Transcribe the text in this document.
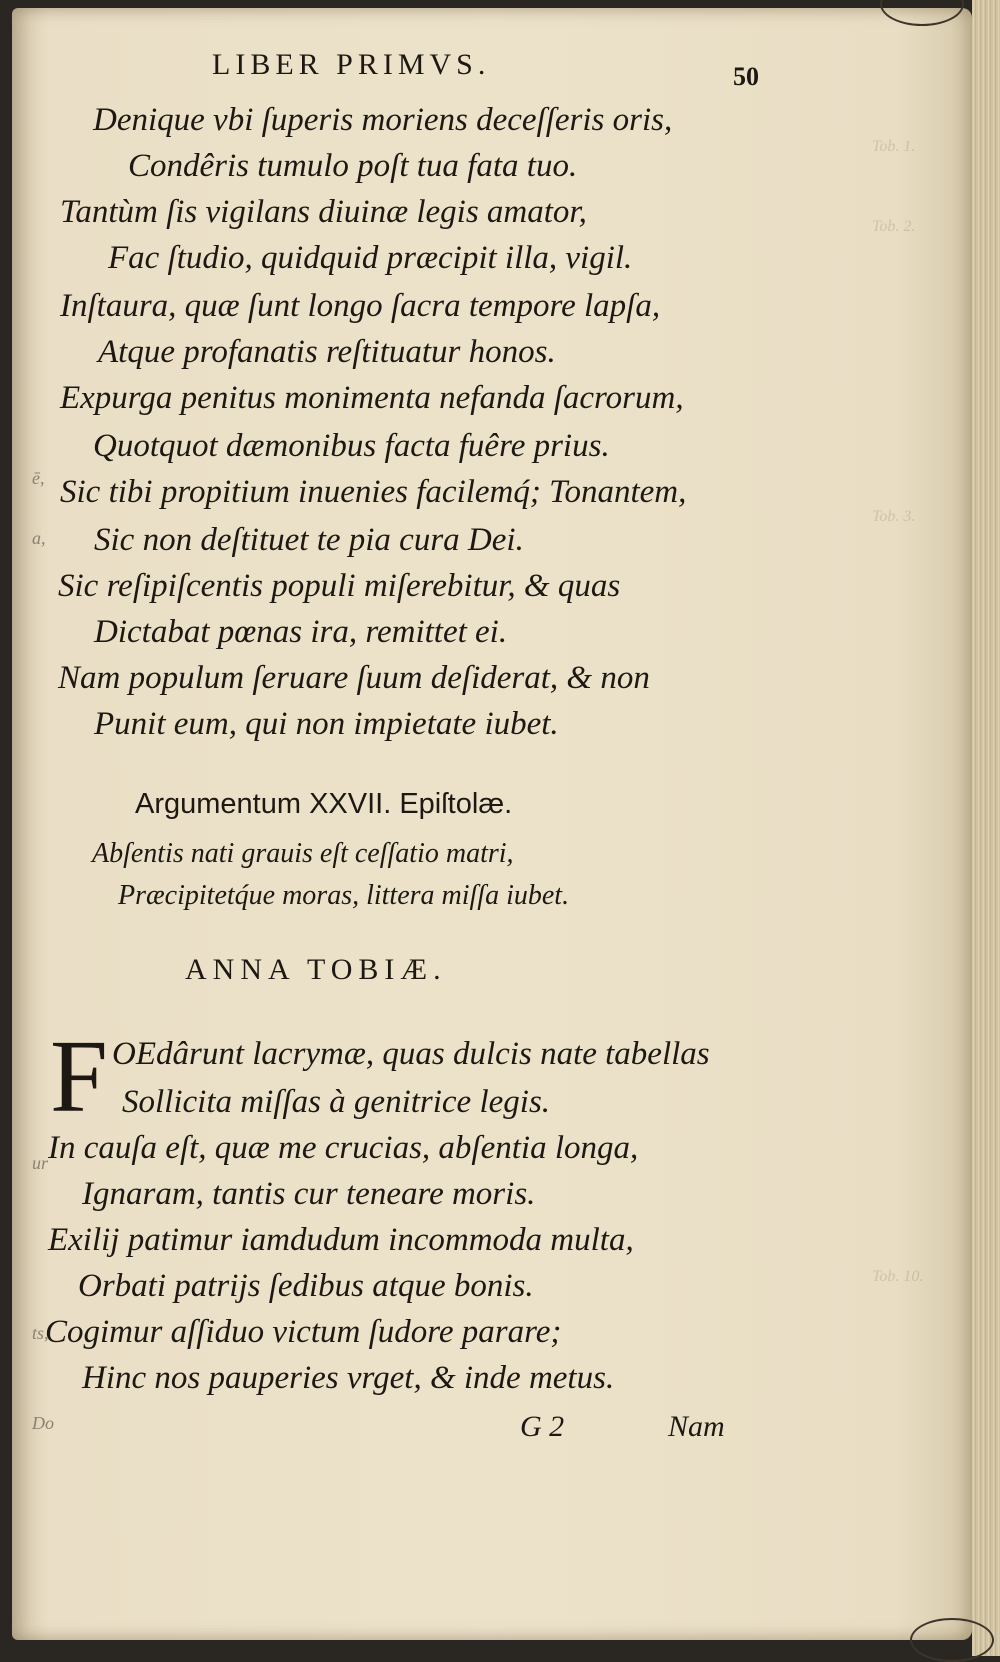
ē,
a,
ur
ts,
Do
Tob. 1.
Tob. 2.
Tob. 3.
Tob. 10.
LIBER PRIMVS.	50
Denique vbi ſuperis moriens deceſſeris oris,
Condêris tumulo poſt tua fata tuo.
Tantùm ſis vigilans diuinæ legis amator,
Fac ſtudio, quidquid præcipit illa, vigil.
Inſtaura, quæ ſunt longo ſacra tempore lapſa,
Atque profanatis reſtituatur honos.
Expurga penitus monimenta nefanda ſacrorum,
Quotquot dæmonibus facta fuêre prius.
Sic tibi propitium inuenies facilemq́; Tonantem,
Sic non deſtituet te pia cura Dei.
Sic reſipiſcentis populi miſerebitur, & quas
Dictabat pœnas ira, remittet ei.
Nam populum ſeruare ſuum deſiderat, & non
Punit eum, qui non impietate iubet.
Argumentum XXVII. Epiſtolæ.
Abſentis nati grauis eſt ceſſatio matri,
Præcipitetq́ue moras, littera miſſa iubet.
ANNA TOBIÆ.
F OEdârunt lacrymæ, quas dulcis nate tabellas
Sollicita miſſas à genitrice legis.
In cauſa eſt, quæ me crucias, abſentia longa,
Ignaram, tantis cur teneare moris.
Exilij patimur iamdudum incommoda multa,
Orbati patrijs ſedibus atque bonis.
Cogimur aſſiduo victum ſudore parare;
Hinc nos pauperies vrget, & inde metus.
G 2	Nam
